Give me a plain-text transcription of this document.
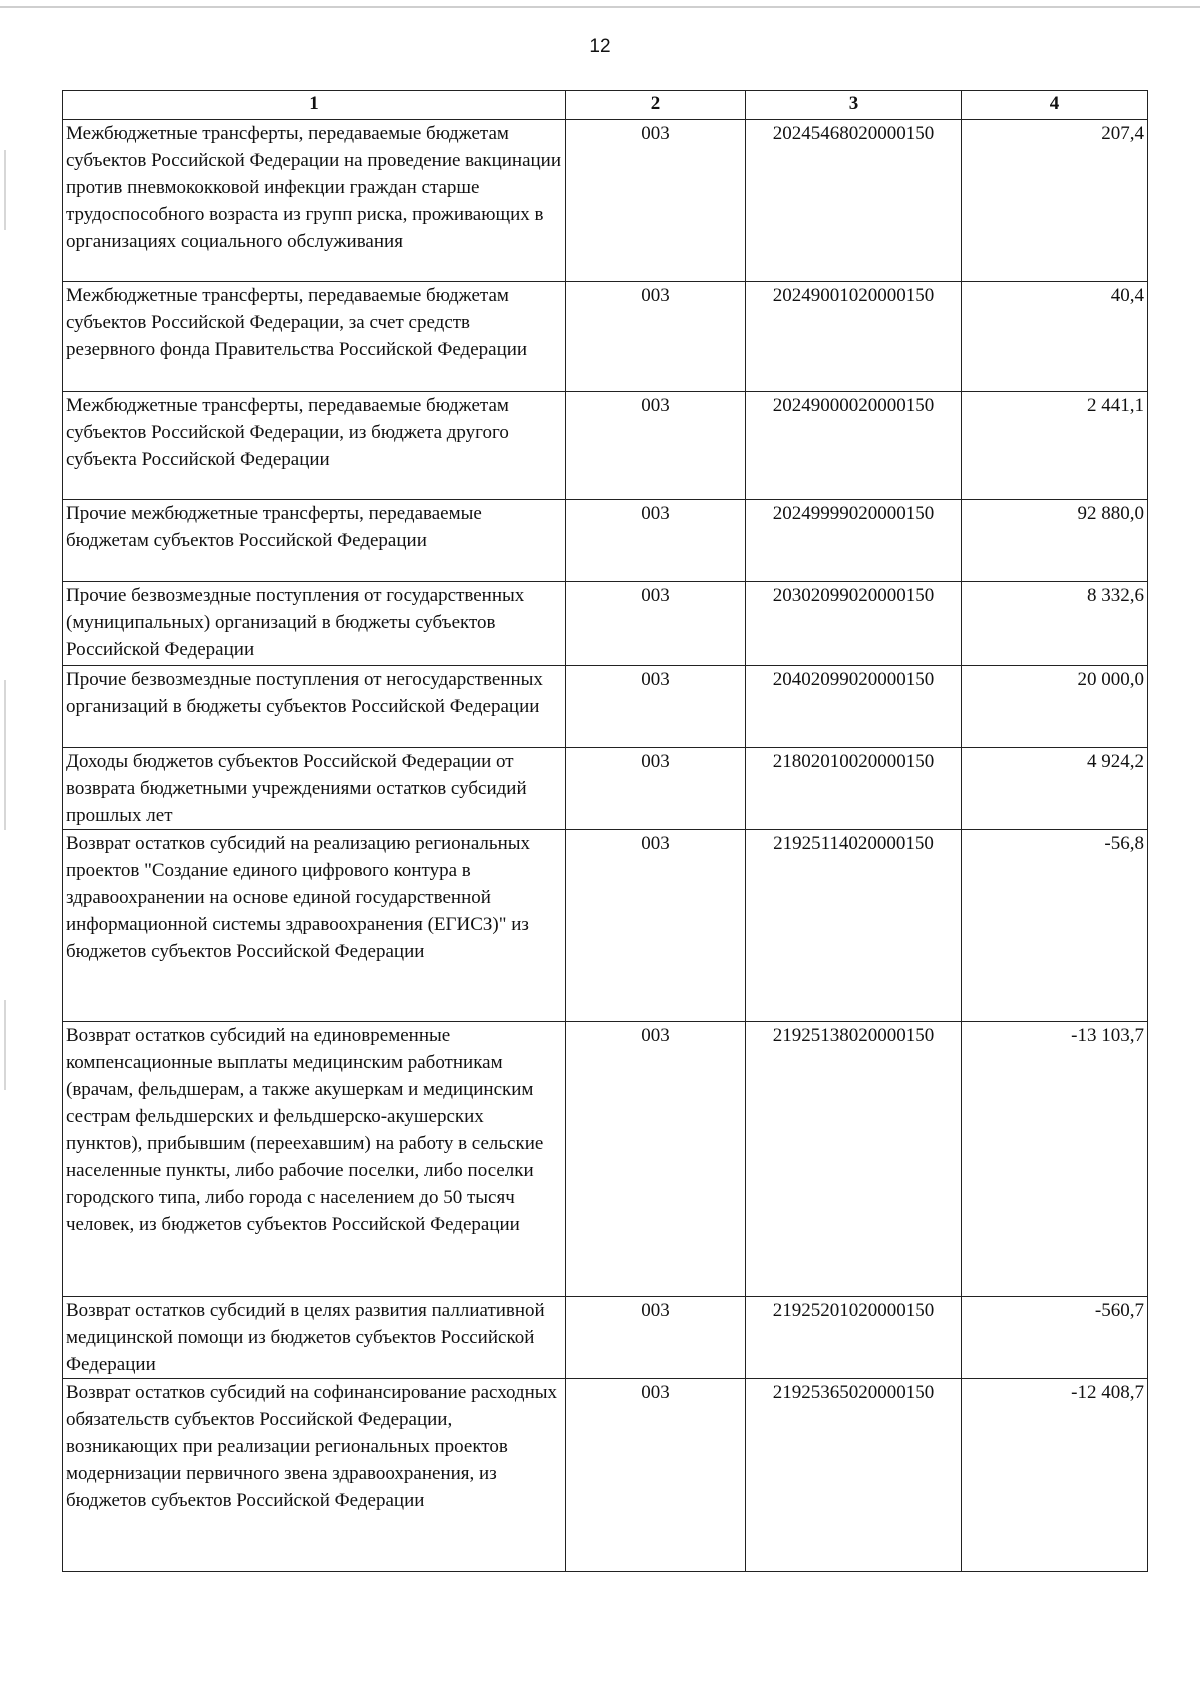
12
1	2	3	4
Межбюджетные трансферты, передаваемые бюджетам субъектов Российской Федерации на проведение вакцинации против пневмококковой инфекции граждан старше трудоспособного возраста из групп риска, проживающих в организациях социального обслуживания	003	20245468020000150	207,4
Межбюджетные трансферты, передаваемые бюджетам субъектов Российской Федерации, за счет средств резервного фонда Правительства Российской Федерации	003	20249001020000150	40,4
Межбюджетные трансферты, передаваемые бюджетам субъектов Российской Федерации, из бюджета другого субъекта Российской Федерации	003	20249000020000150	2 441,1
Прочие межбюджетные трансферты, передаваемые бюджетам субъектов Российской Федерации	003	20249999020000150	92 880,0
Прочие безвозмездные поступления от государственных (муниципальных) организаций в бюджеты субъектов Российской Федерации	003	20302099020000150	8 332,6
Прочие безвозмездные поступления от негосударственных организаций в бюджеты субъектов Российской Федерации	003	20402099020000150	20 000,0
Доходы бюджетов субъектов Российской Федерации от возврата бюджетными учреждениями остатков субсидий прошлых лет	003	21802010020000150	4 924,2
Возврат остатков субсидий на реализацию региональных проектов "Создание единого цифрового контура в здравоохранении на основе единой государственной информационной системы здравоохранения (ЕГИСЗ)" из бюджетов субъектов Российской Федерации	003	21925114020000150	-56,8
Возврат остатков субсидий на единовременные компенсационные выплаты медицинским работникам (врачам, фельдшерам, а также акушеркам и медицинским сестрам фельдшерских и фельдшерско-акушерских пунктов), прибывшим (переехавшим) на работу в сельские населенные пункты, либо рабочие поселки, либо поселки городского типа, либо города с населением до 50 тысяч человек, из бюджетов субъектов Российской Федерации	003	21925138020000150	-13 103,7
Возврат остатков субсидий в целях развития паллиативной медицинской помощи из бюджетов субъектов Российской Федерации	003	21925201020000150	-560,7
Возврат остатков субсидий на софинансирование расходных обязательств субъектов Российской Федерации, возникающих при реализации региональных проектов модернизации первичного звена здравоохранения, из бюджетов субъектов Российской Федерации	003	21925365020000150	-12 408,7
